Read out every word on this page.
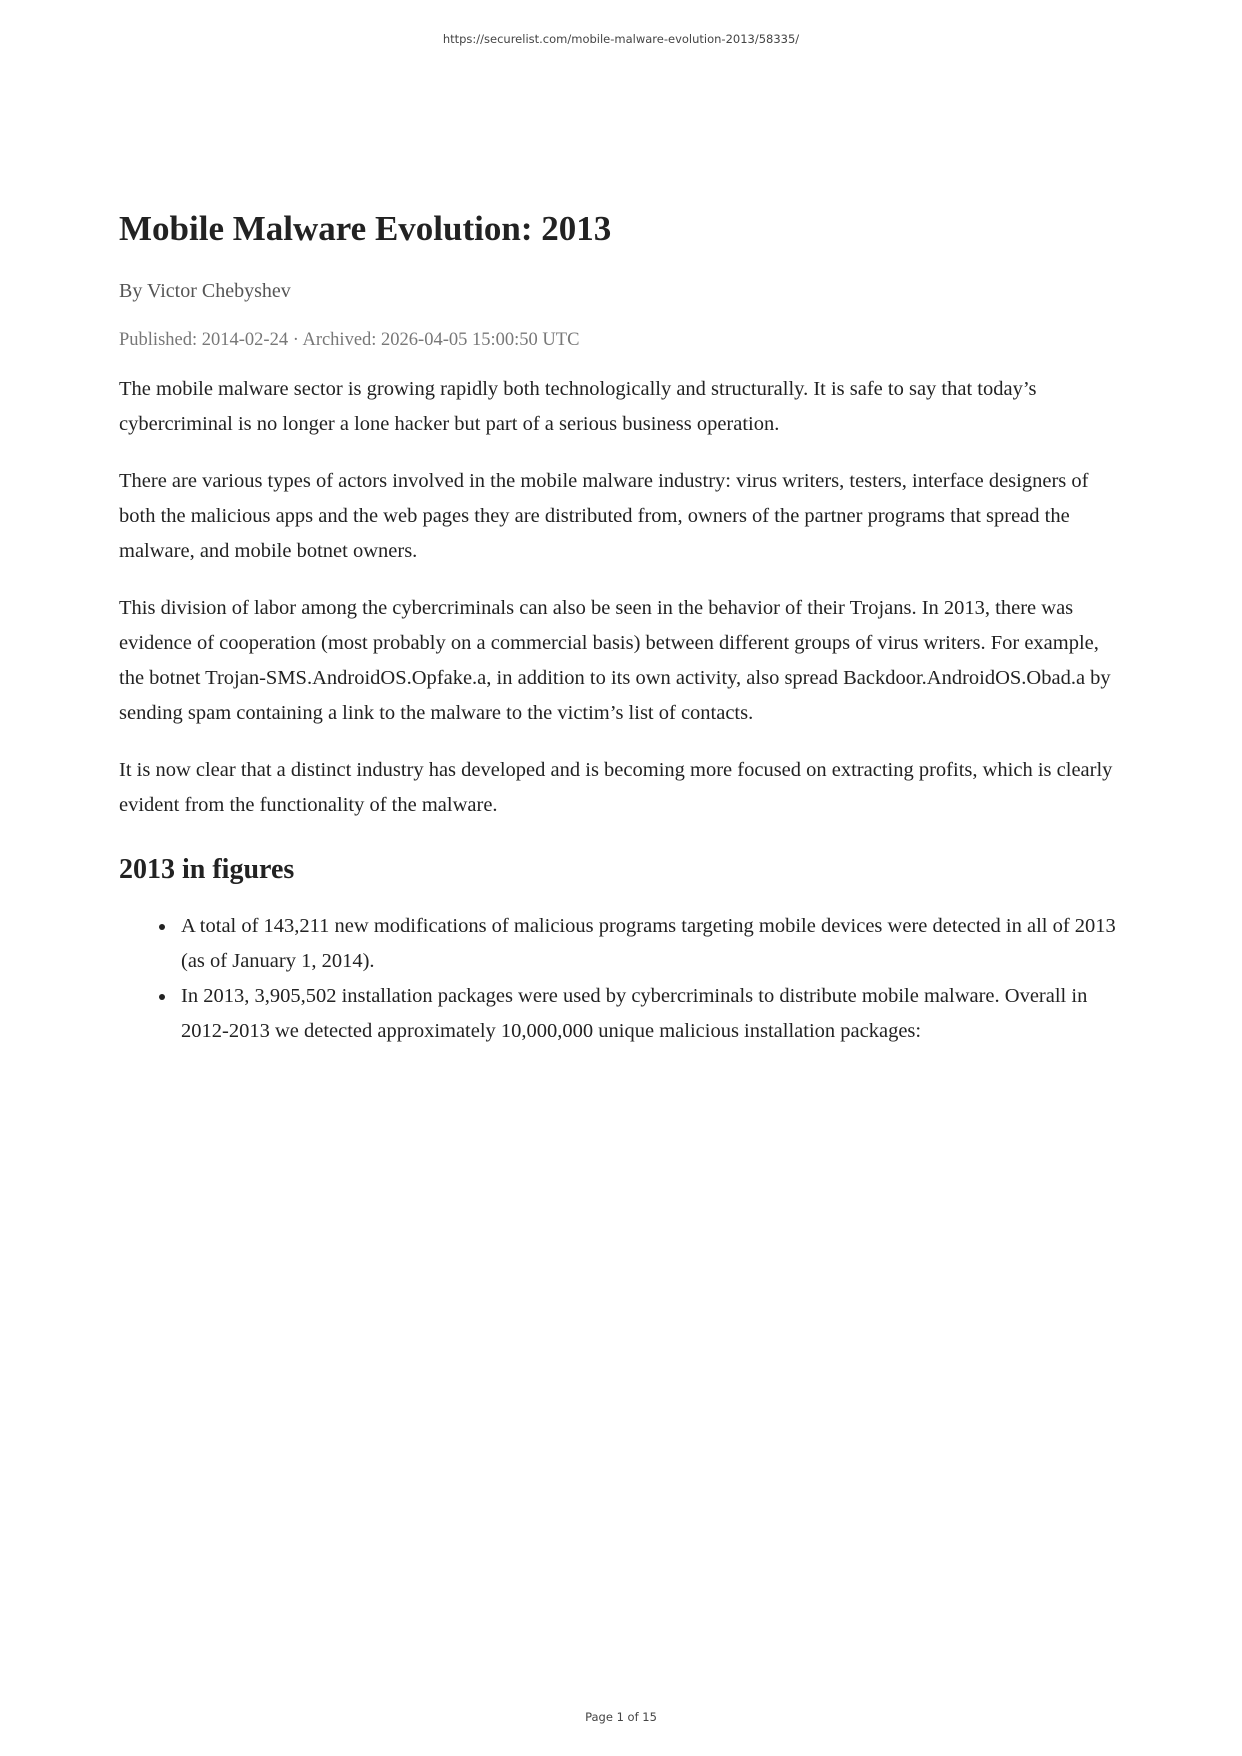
https://securelist.com/mobile-malware-evolution-2013/58335/
Mobile Malware Evolution: 2013

By Victor Chebyshev

Published: 2014-02-24 · Archived: 2026-04-05 15:00:50 UTC

The mobile malware sector is growing rapidly both technologically and structurally. It is safe to say that today’s cybercriminal is no longer a lone hacker but part of a serious business operation.

There are various types of actors involved in the mobile malware industry: virus writers, testers, interface designers of both the malicious apps and the web pages they are distributed from, owners of the partner programs that spread the malware, and mobile botnet owners.

This division of labor among the cybercriminals can also be seen in the behavior of their Trojans. In 2013, there was evidence of cooperation (most probably on a commercial basis) between different groups of virus writers. For example, the botnet Trojan-SMS.AndroidOS.Opfake.a, in addition to its own activity, also spread Backdoor.AndroidOS.Obad.a by sending spam containing a link to the malware to the victim’s list of contacts.

It is now clear that a distinct industry has developed and is becoming more focused on extracting profits, which is clearly evident from the functionality of the malware.

2013 in figures
A total of 143,211 new modifications of malicious programs targeting mobile devices were detected in all of 2013 (as of January 1, 2014).
In 2013, 3,905,502 installation packages were used by cybercriminals to distribute mobile malware. Overall in 2012-2013 we detected approximately 10,000,000 unique malicious installation packages:
Page 1 of 15
